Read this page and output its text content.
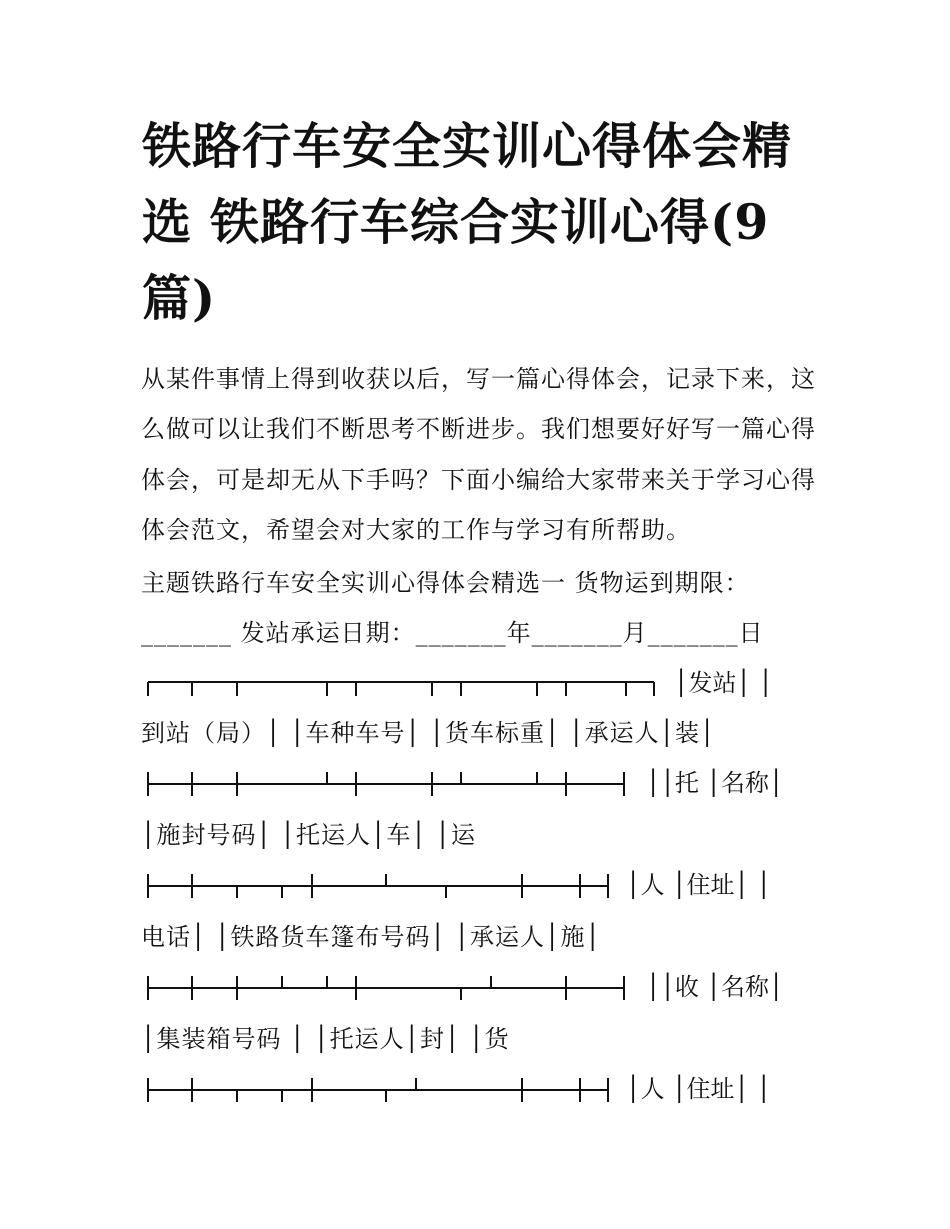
铁路行车安全实训心得体会精
选 铁路行车综合实训心得(9
篇)

从某件事情上得到收获以后，写一篇心得体会，记录下来，这

么做可以让我们不断思考不断进步。我们想要好好写一篇心得

体会，可是却无从下手吗？下面小编给大家带来关于学习心得

体会范文，希望会对大家的工作与学习有所帮助。

主题铁路行车安全实训心得体会精选一 货物运到期限：
_______ 发站承运日期：_______年_______月_______日
│发站│ │
到站（局）│ │车种车号│ │货车标重│ │承运人│装│
││托 │名称│
│施封号码│ │托运人│车│ │运
│人 │住址│ │
电话│ │铁路货车篷布号码│ │承运人│施│
││收 │名称│
│集装箱号码 │ │托运人│封│ │货
│人 │住址│ │
